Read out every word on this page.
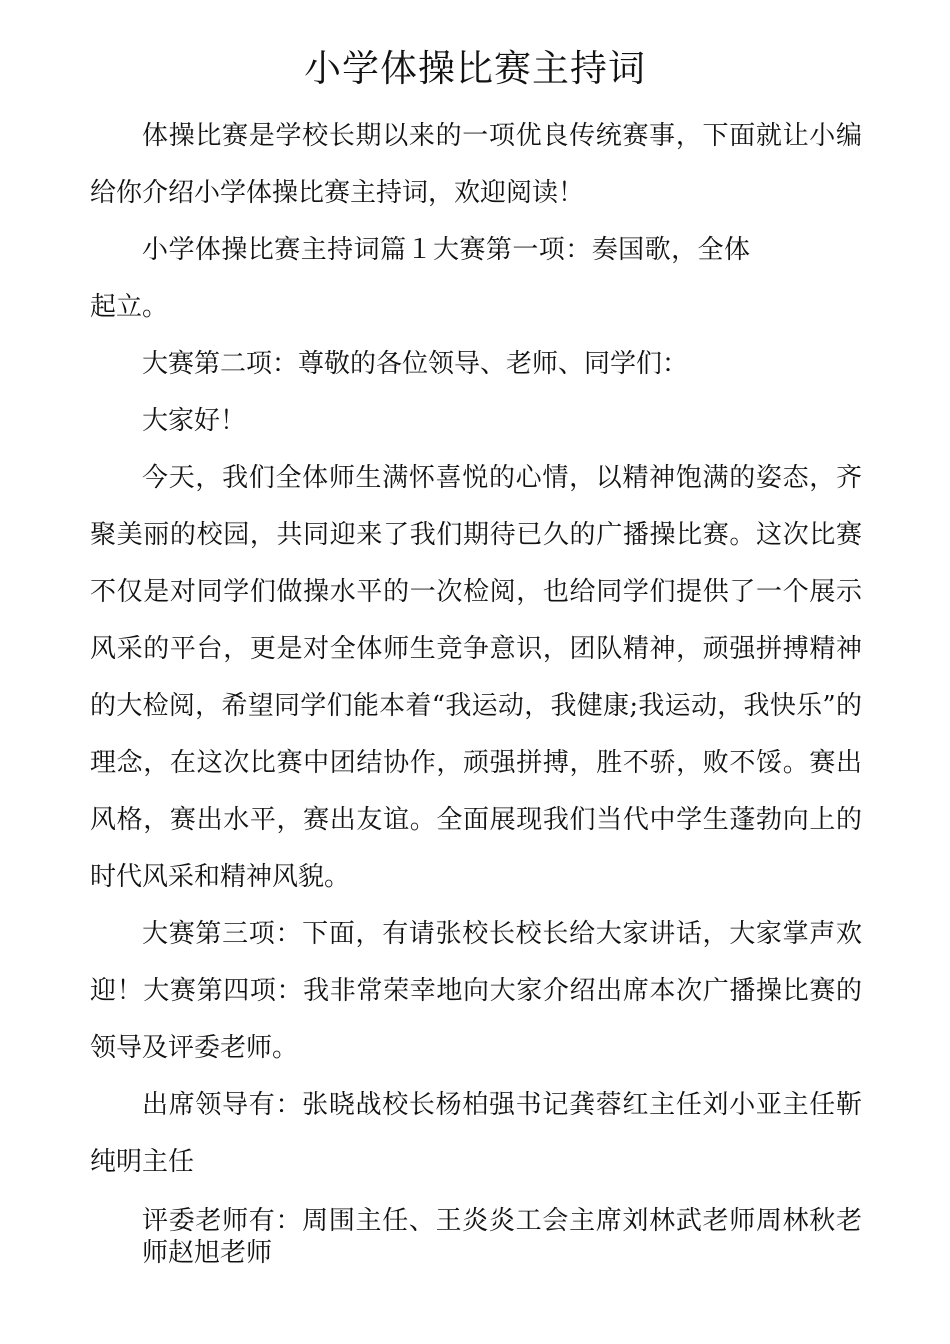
小学体操比赛主持词

体操比赛是学校长期以来的一项优良传统赛事，下面就让小编给你介绍小学体操比赛主持词，欢迎阅读！

小学体操比赛主持词篇１大赛第一项：奏国歌，全体起立。

大赛第二项：尊敬的各位领导、老师、同学们：

大家好！

今天，我们全体师生满怀喜悦的心情，以精神饱满的姿态，齐聚美丽的校园，共同迎来了我们期待已久的广播操比赛。这次比赛不仅是对同学们做操水平的一次检阅，也给同学们提供了一个展示风采的平台，更是对全体师生竞争意识，团队精神，顽强拼搏精神的大检阅，希望同学们能本着“我运动，我健康;我运动，我快乐”的理念，在这次比赛中团结协作，顽强拼搏，胜不骄，败不馁。赛出风格，赛出水平，赛出友谊。全面展现我们当代中学生蓬勃向上的时代风采和精神风貌。

大赛第三项：下面，有请张校长校长给大家讲话，大家掌声欢迎！大赛第四项：我非常荣幸地向大家介绍出席本次广播操比赛的领导及评委老师。

出席领导有：张晓战校长杨柏强书记龚蓉红主任刘小亚主任靳纯明主任

评委老师有：周围主任、王炎炎工会主席刘林武老师周林秋老师赵旭老师
